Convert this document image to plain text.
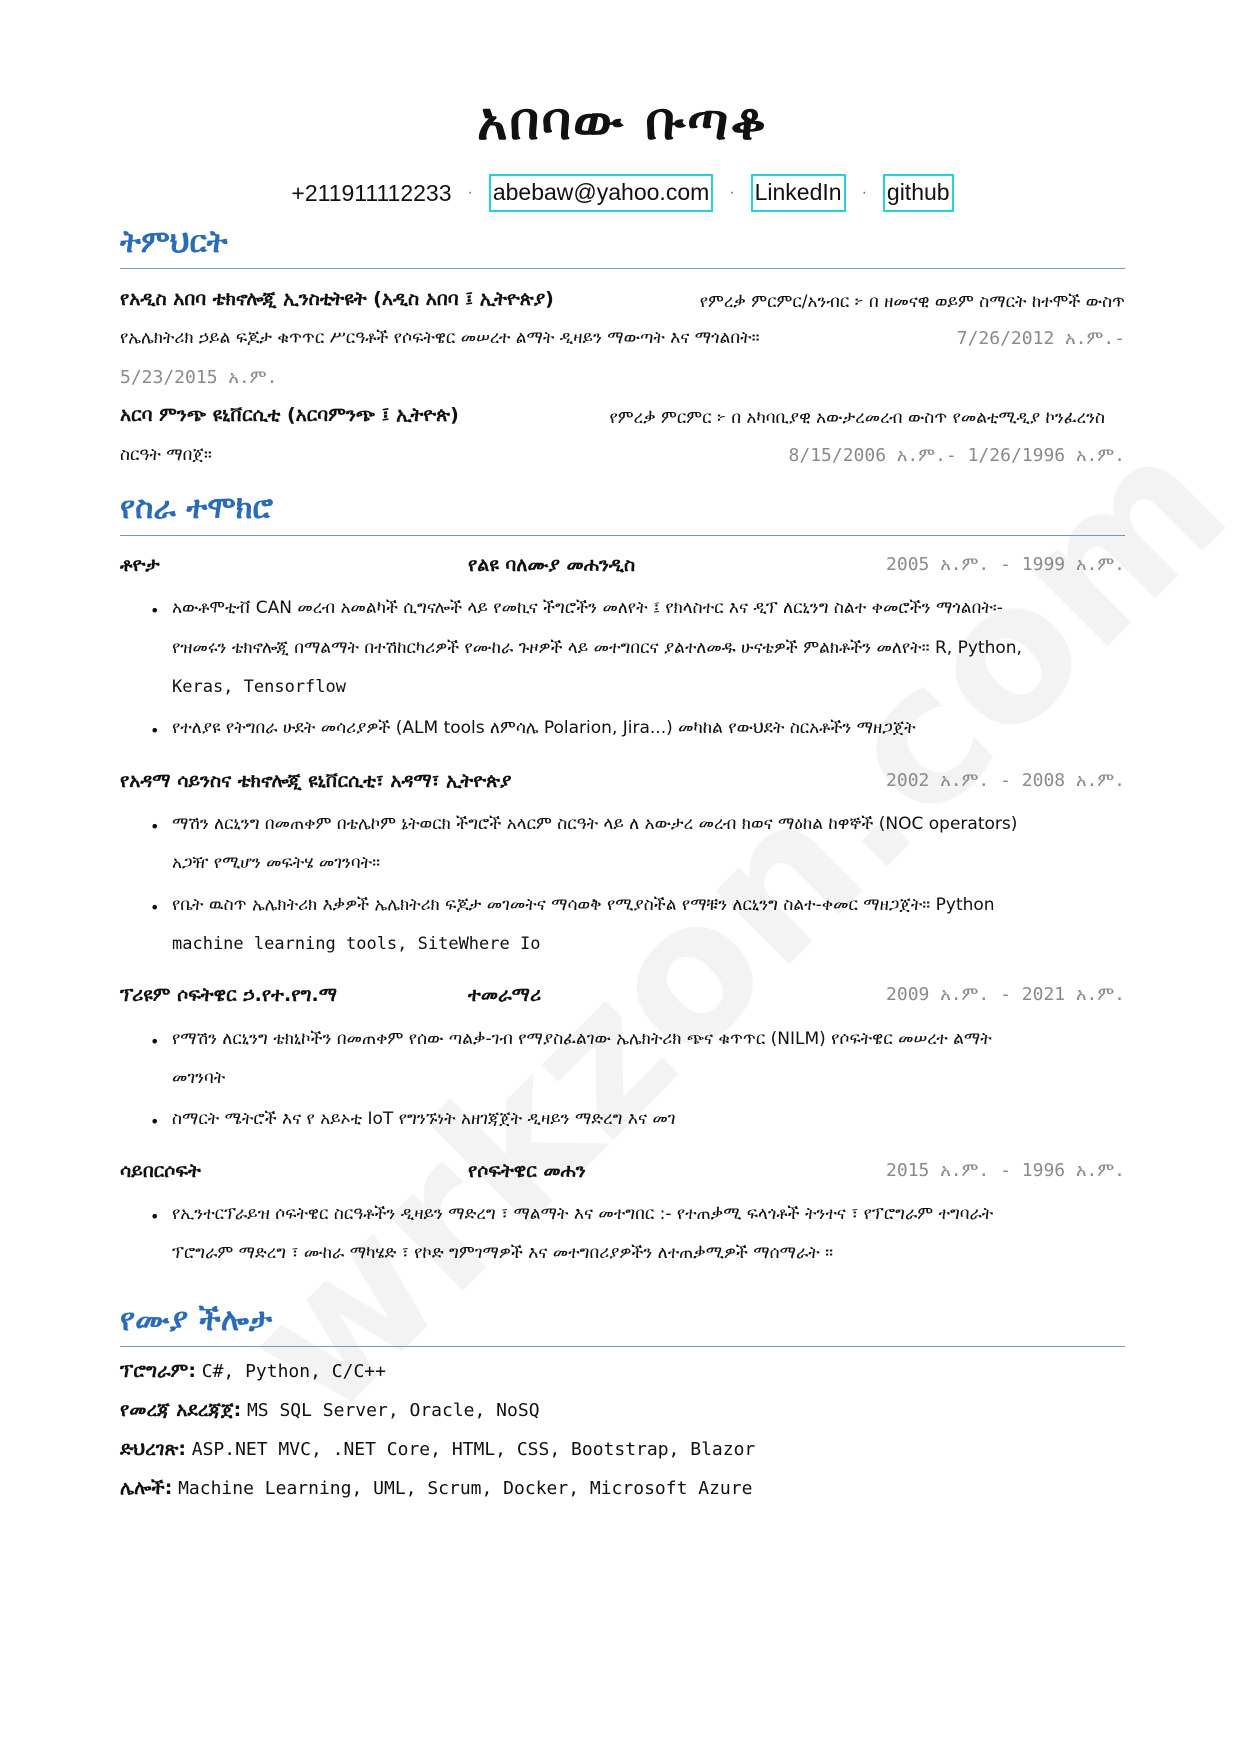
አበባው ቡጣቆ
+211911112233 · abebaw@yahoo.com · LinkedIn · github
ትምህርት
የአዲስ አበባ ቴክኖሎጂ ኢንስቲትዩት (አዲስ አበባ ፤ ኢትዮጵያ)	የምረቃ ምርምር/አንብር ፦ በ ዘመናዊ ወይም ስማርት ከተሞች ውስጥ
የኤሌክትሪክ ኃይል ፍጆታ ቁጥጥር ሥርዓቶች የሶፍትዌር መሠረተ ልማት ዲዛይን ማውጣት እና ማጎልበት።	7/26/2012 አ.ም.-
5/23/2015 አ.ም.
አርባ ምንጭ ዩኒቨርሲቲ (አርባምንጭ ፤ ኢትዮጵ)	የምረቃ ምርምር ፦ በ አካባቢያዊ አውታረመረብ ውስጥ የመልቲሚዲያ ኮንፈረንስ
ስርዓት ማበጀ።	8/15/2006 አ.ም.- 1/26/1996 አ.ም.
የስራ ተሞክሮ
ቶዮታ	የልዩ ባለሙያ መሐንዲስ	2005 አ.ም. - 1999 አ.ም.
• አውቶሞቲቭ CAN መረብ አመልካች ሲግናሎች ላይ የመኪና ችግሮችን መለየት ፤ የክላስተር እና ዲፕ ለርኒንግ ስልተ ቀመሮችን ማጎልበት፡-
የዝመሩን ቴክኖሎጂ በማልማት በተሽከርካሪዎች የሙከራ ጉዞዎች ላይ መተግበርና ያልተለመዱ ሁናቴዎች ምልክቶችን መለየት። R, Python,
Keras, Tensorflow
• የተለያዩ የትግበራ ሁደት መሳሪያዎች (ALM tools ለምሳሌ Polarion, Jira...) መካከል የውህደት ስርአቶችን ማዘጋጀት
የአዳማ ሳይንስና ቴክኖሎጂ ዩኒቨርሲቲ፣ አዳማ፣ ኢትዮጵያ	2002 አ.ም. - 2008 አ.ም.
• ማሽን ለርኒንግ በመጠቀም በቴሌኮም ኔትወርክ ችግሮች አላርም ስርዓት ላይ ለ አውታረ መረብ ክወና ማዕከል ከዋኞች (NOC operators)
አጋዥ የሚሆን መፍትሄ መገንባት።
• የቤት ዉስጥ ኤሌክትሪክ እቃዎች ኤሌክትሪክ ፍጆታ መገመትና ማሳወቅ የሚያስችል የማቹን ለርኒንግ ስልተ-ቀመር ማዘጋጀት። Python
machine learning tools, SiteWhere Io
ፕሪዩም ሶፍትዌር ኃ.የተ.የግ.ማ	ተመራማሪ	2009 አ.ም. - 2021 አ.ም.
• የማሽን ለርኒንግ ቴክኒኮችን በመጠቀም የሰው ጣልቃ-ገብ የማያስፈልገው ኤሌክትሪክ ጭና ቁጥጥር (NILM) የሶፍትዌር መሠረተ ልማት
መገንባት
• ስማርት ሜትሮች እና የ አይኦቲ IoT የግንኙነት አዘገጃጀት ዲዛይን ማድረግ እና መገ
ሳይበርሶፍት	የሶፍትዌር መሐን	2015 አ.ም. - 1996 አ.ም.
• የኢንተርፕራይዝ ሶፍትዌር ስርዓቶችን ዲዛይን ማድረግ ፣ ማልማት እና መተግበር :- የተጠቃሚ ፍላጎቶች ትንተና ፣ የፕሮግራም ተግባራት
ፕሮግራም ማድረግ ፣ ሙከራ ማካሄድ ፣ የኮድ ግምገማዎች እና መተግበሪያዎችን ለተጠቃሚዎች ማሰማራት ።
የሙያ ችሎታ
ፕሮግራም: C#, Python, C/C++
የመረጃ አደረጃጀ: MS SQL Server, Oracle, NoSQ
ድህረገጽ: ASP.NET MVC, .NET Core, HTML, CSS, Bootstrap, Blazor
ሌሎች: Machine Learning, UML, Scrum, Docker, Microsoft Azure
